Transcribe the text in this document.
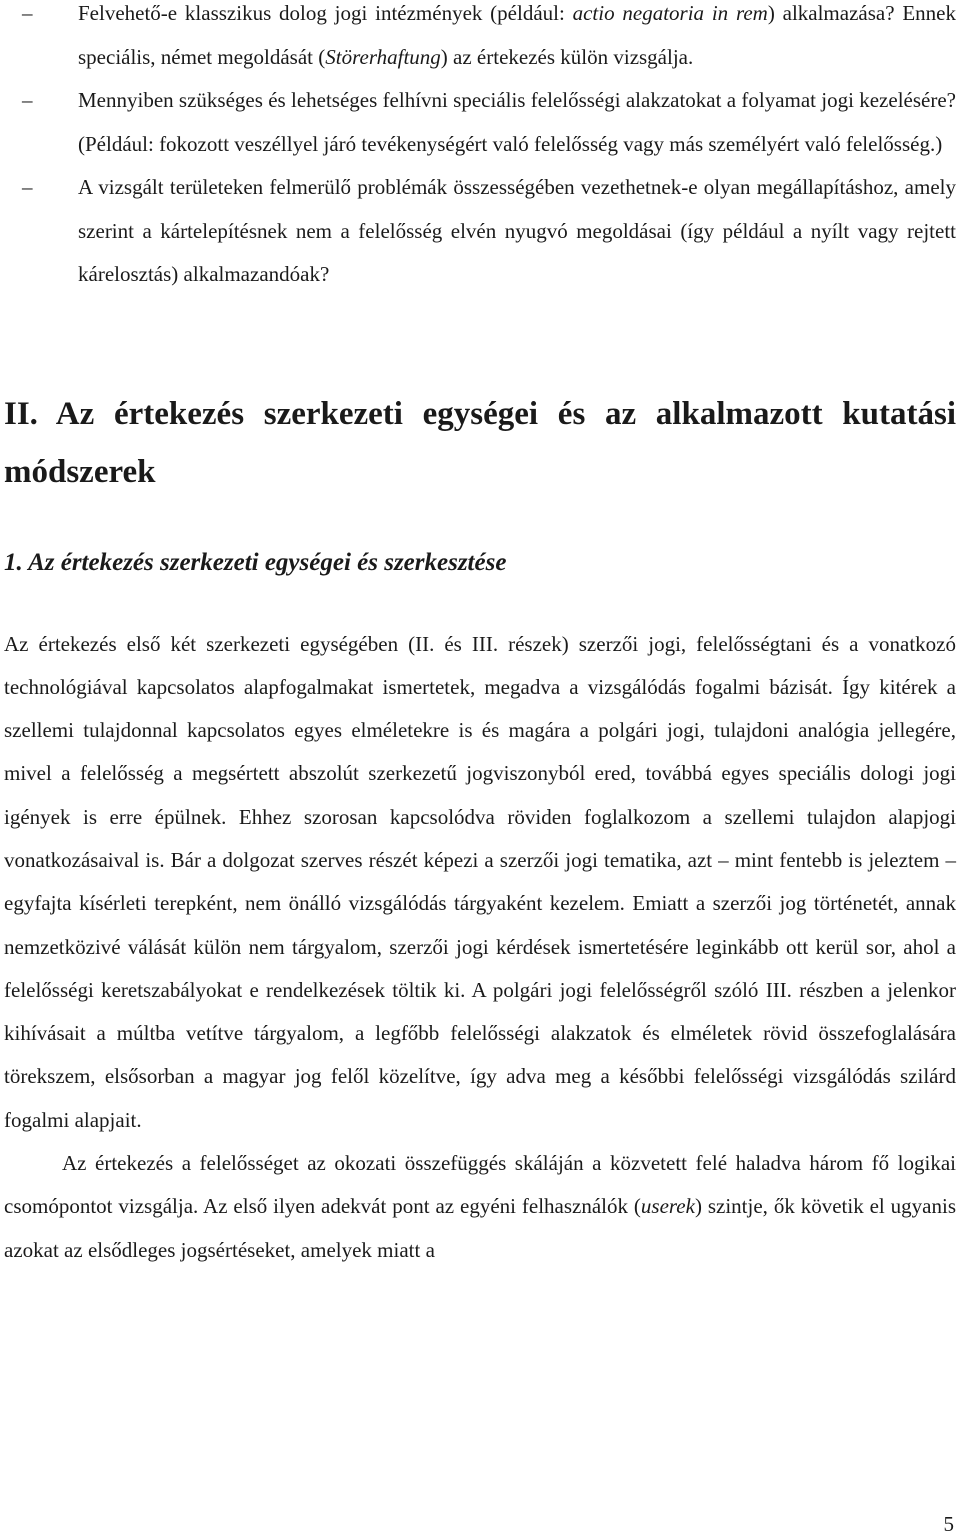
– Felvehető-e klasszikus dolog jogi intézmények (például: actio negatoria in rem) alkalmazása? Ennek speciális, német megoldását (Störerhaftung) az értekezés külön vizsgálja.
– Mennyiben szükséges és lehetséges felhívni speciális felelősségi alakzatokat a folyamat jogi kezelésére? (Például: fokozott veszéllyel járó tevékenységért való felelősség vagy más személyért való felelősség.)
– A vizsgált területeken felmerülő problémák összességében vezethetnek-e olyan megállapításhoz, amely szerint a kártelepítésnek nem a felelősség elvén nyugvó megoldásai (így például a nyílt vagy rejtett kárelosztás) alkalmazandóak?
II. Az értekezés szerkezeti egységei és az alkalmazott kutatási módszerek
1. Az értekezés szerkezeti egységei és szerkesztése

Az értekezés első két szerkezeti egységében (II. és III. részek) szerzői jogi, felelősségtani és a vonatkozó technológiával kapcsolatos alapfogalmakat ismertetek, megadva a vizsgálódás fogalmi bázisát. Így kitérek a szellemi tulajdonnal kapcsolatos egyes elméletekre is és magára a polgári jogi, tulajdoni analógia jellegére, mivel a felelősség a megsértett abszolút szerkezetű jogviszonyból ered, továbbá egyes speciális dologi jogi igények is erre épülnek. Ehhez szorosan kapcsolódva röviden foglalkozom a szellemi tulajdon alapjogi vonatkozásaival is. Bár a dolgozat szerves részét képezi a szerzői jogi tematika, azt – mint fentebb is jeleztem – egyfajta kísérleti terepként, nem önálló vizsgálódás tárgyaként kezelem. Emiatt a szerzői jog történetét, annak nemzetközivé válását külön nem tárgyalom, szerzői jogi kérdések ismertetésére leginkább ott kerül sor, ahol a felelősségi keretszabályokat e rendelkezések töltik ki. A polgári jogi felelősségről szóló III. részben a jelenkor kihívásait a múltba vetítve tárgyalom, a legfőbb felelősségi alakzatok és elméletek rövid összefoglalására törekszem, elsősorban a magyar jog felől közelítve, így adva meg a későbbi felelősségi vizsgálódás szilárd fogalmi alapjait.

Az értekezés a felelősséget az okozati összefüggés skáláján a közvetett felé haladva három fő logikai csomópontot vizsgálja. Az első ilyen adekvát pont az egyéni felhasználók (userek) szintje, ők követik el ugyanis azokat az elsődleges jogsértéseket, amelyek miatt a

5
